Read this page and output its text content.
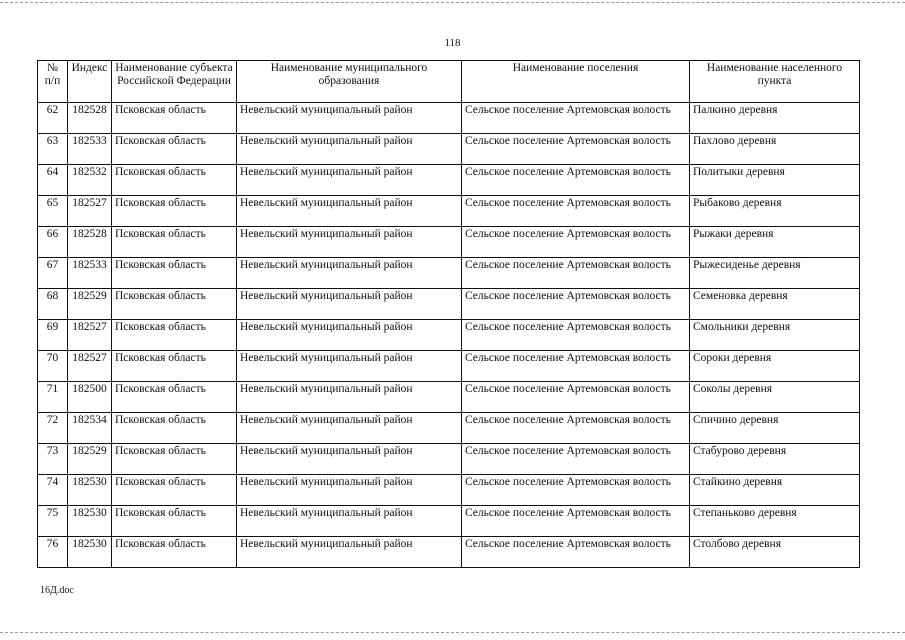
118
№ п/п	Индекс	Наименование субъекта Российской Федерации	Наименование муниципального образования	Наименование поселения	Наименование населенного пункта
62	182528	Псковская область	Невельский муниципальный район	Сельское поселение Артемовская волость	Палкино деревня
63	182533	Псковская область	Невельский муниципальный район	Сельское поселение Артемовская волость	Пахлово деревня
64	182532	Псковская область	Невельский муниципальный район	Сельское поселение Артемовская волость	Политыки деревня
65	182527	Псковская область	Невельский муниципальный район	Сельское поселение Артемовская волость	Рыбаково деревня
66	182528	Псковская область	Невельский муниципальный район	Сельское поселение Артемовская волость	Рыжаки деревня
67	182533	Псковская область	Невельский муниципальный район	Сельское поселение Артемовская волость	Рыжесиденье деревня
68	182529	Псковская область	Невельский муниципальный район	Сельское поселение Артемовская волость	Семеновка деревня
69	182527	Псковская область	Невельский муниципальный район	Сельское поселение Артемовская волость	Смольники деревня
70	182527	Псковская область	Невельский муниципальный район	Сельское поселение Артемовская волость	Сороки деревня
71	182500	Псковская область	Невельский муниципальный район	Сельское поселение Артемовская волость	Соколы деревня
72	182534	Псковская область	Невельский муниципальный район	Сельское поселение Артемовская волость	Спичино деревня
73	182529	Псковская область	Невельский муниципальный район	Сельское поселение Артемовская волость	Стабурово деревня
74	182530	Псковская область	Невельский муниципальный район	Сельское поселение Артемовская волость	Стайкино деревня
75	182530	Псковская область	Невельский муниципальный район	Сельское поселение Артемовская волость	Степаньково деревня
76	182530	Псковская область	Невельский муниципальный район	Сельское поселение Артемовская волость	Столбово деревня
16Д.doc
